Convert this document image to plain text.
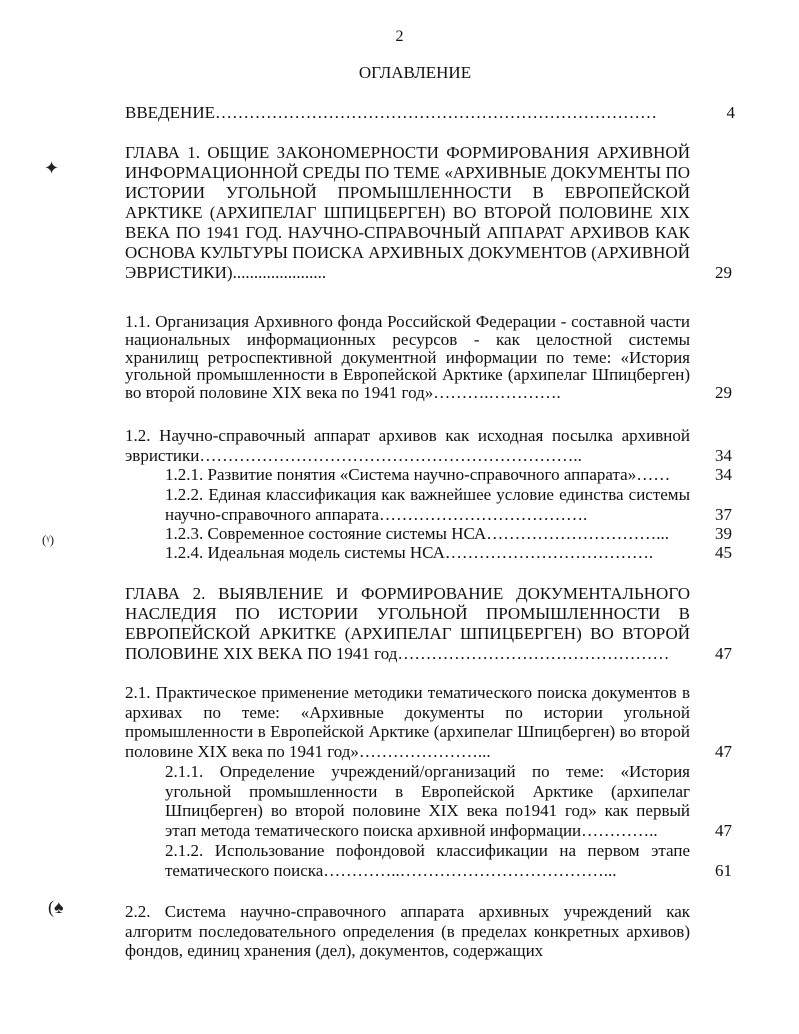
2
ОГЛАВЛЕНИЕ
ВВЕДЕНИЕ……………………………………………………………………	4
ГЛАВА 1. ОБЩИЕ ЗАКОНОМЕРНОСТИ ФОРМИРОВАНИЯ АРХИВНОЙ ИНФОРМАЦИОННОЙ СРЕДЫ ПО ТЕМЕ «АРХИВНЫЕ ДОКУМЕНТЫ ПО ИСТОРИИ УГОЛЬНОЙ ПРОМЫШЛЕННОСТИ В ЕВРОПЕЙСКОЙ АРКТИКЕ (АРХИПЕЛАГ ШПИЦБЕРГЕН) ВО ВТОРОЙ ПОЛОВИНЕ XIX ВЕКА ПО 1941 ГОД. НАУЧНО-СПРАВОЧНЫЙ АППАРАТ АРХИВОВ КАК ОСНОВА КУЛЬТУРЫ ПОИСКА АРХИВНЫХ ДОКУМЕНТОВ (АРХИВНОЙ ЭВРИСТИКИ)......................	29
1.1. Организация Архивного фонда Российской Федерации - составной части национальных информационных ресурсов - как целостной системы хранилищ ретроспективной документной информации по теме: «История угольной промышленности в Европейской Арктике (архипелаг Шпицберген) во второй половине XIX века по 1941 год»……….………….	29
1.2. Научно-справочный аппарат архивов как исходная посылка архивной эвристики…………………………………………………………..	34
1.2.1. Развитие понятия «Система научно-справочного аппарата»……	34
1.2.2. Единая классификация как важнейшее условие единства системы научно-справочного аппарата……………………………….	37
1.2.3. Современное состояние системы НСА…………………………...	39
1.2.4. Идеальная модель системы НСА……………………………….	45
ГЛАВА 2. ВЫЯВЛЕНИЕ И ФОРМИРОВАНИЕ ДОКУМЕНТАЛЬНОГО НАСЛЕДИЯ ПО ИСТОРИИ УГОЛЬНОЙ ПРОМЫШЛЕННОСТИ В ЕВРОПЕЙСКОЙ АРКИТКЕ (АРХИПЕЛАГ ШПИЦБЕРГЕН) ВО ВТОРОЙ ПОЛОВИНЕ XIX ВЕКА ПО 1941 год…………………………………………	47
2.1. Практическое применение методики тематического поиска документов в архивах по теме: «Архивные документы по истории угольной промышленности в Европейской Арктике (архипелаг Шпицберген) во второй половине XIX века по 1941 год»…………………...	47
2.1.1. Определение учреждений/организаций по теме: «История угольной промышленности в Европейской Арктике (архипелаг Шпицберген) во второй половине XIX века по1941 год» как первый этап метода тематического поиска архивной информации…………..	47
2.1.2. Использование пофондовой классификации на первом этапе тематического поиска…………..………………………………...	61
2.2. Система научно-справочного аппарата архивных учреждений как алгоритм последовательного определения (в пределах конкретных архивов) фондов, единиц хранения (дел), документов, содержащих
✦
(ᵞ)
(♠
